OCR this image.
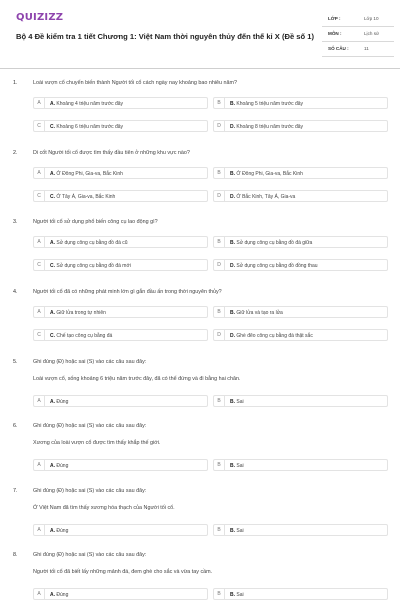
QUIZIZZ
Bộ 4 Đề kiểm tra 1 tiết Chương 1: Việt Nam thời nguyên thủy đến thế kỉ X (Đề số 1)
LỚP :	Lớp 10
MÔN :	Lịch sử
SỐ CÂU :	11
1.	Loài vượn cổ chuyển biến thành Người tối cổ cách ngày nay khoảng bao nhiêu năm?
A	A. Khoảng 4 triệu năm trước đây	B	B. Khoảng 5 triệu năm trước đây
C	C. Khoảng 6 triệu năm trước đây	D	D. Khoảng 8 triệu năm trước đây
2.	Di cốt Người tối cổ được tìm thấy đầu tiên ở những khu vực nào?
A	A. Ở Đông Phi, Gia-va, Bắc Kinh	B	B. Ở Đông Phi, Gia-va, Bắc Kinh
C	C. Ở Tây Á, Gia-va, Bắc Kinh	D	D. Ở Bắc Kinh, Tây Á, Gia-va
3.	Người tối cổ sử dụng phổ biến công cụ lao động gì?
A	A. Sử dụng công cụ bằng đồ đá cũ	B	B. Sử dụng công cụ bằng đồ đá giữa
C	C. Sử dụng công cụ bằng đồ đá mới	D	D. Sử dụng công cụ bằng đồ đồng thau
4.	Người tối cổ đã có những phát minh lớn gì gắn đầu ấn trong thời nguyên thủy?
A	A. Giữ lửa trong tự nhiên	B	B. Giữ lửa và tạo ra lửa
C	C. Chế tạo công cụ bằng đá	D	D. Ghè đẽo công cụ bằng đá thật sắc
5.	Ghi đúng (Đ) hoặc sai (S) vào các câu sau đây:
Loài vượn cổ, sống khoảng 6 triệu năm trước đây, đã có thể đứng và đi bằng hai chân.
A	A. Đúng	B	B. Sai
6.	Ghi đúng (Đ) hoặc sai (S) vào các câu sau đây:
Xương của loài vượn cổ được tìm thấy khắp thế giới.
A	A. Đúng	B	B. Sai
7.	Ghi đúng (Đ) hoặc sai (S) vào các câu sau đây:
Ở Việt Nam đã tìm thấy xương hóa thạch của Người tối cổ.
A	A. Đúng	B	B. Sai
8.	Ghi đúng (Đ) hoặc sai (S) vào các câu sau đây:
Người tối cổ đã biết lấy những mảnh đá, đem ghè cho sắc và vừa tay cầm.
A	A. Đúng	B	B. Sai
